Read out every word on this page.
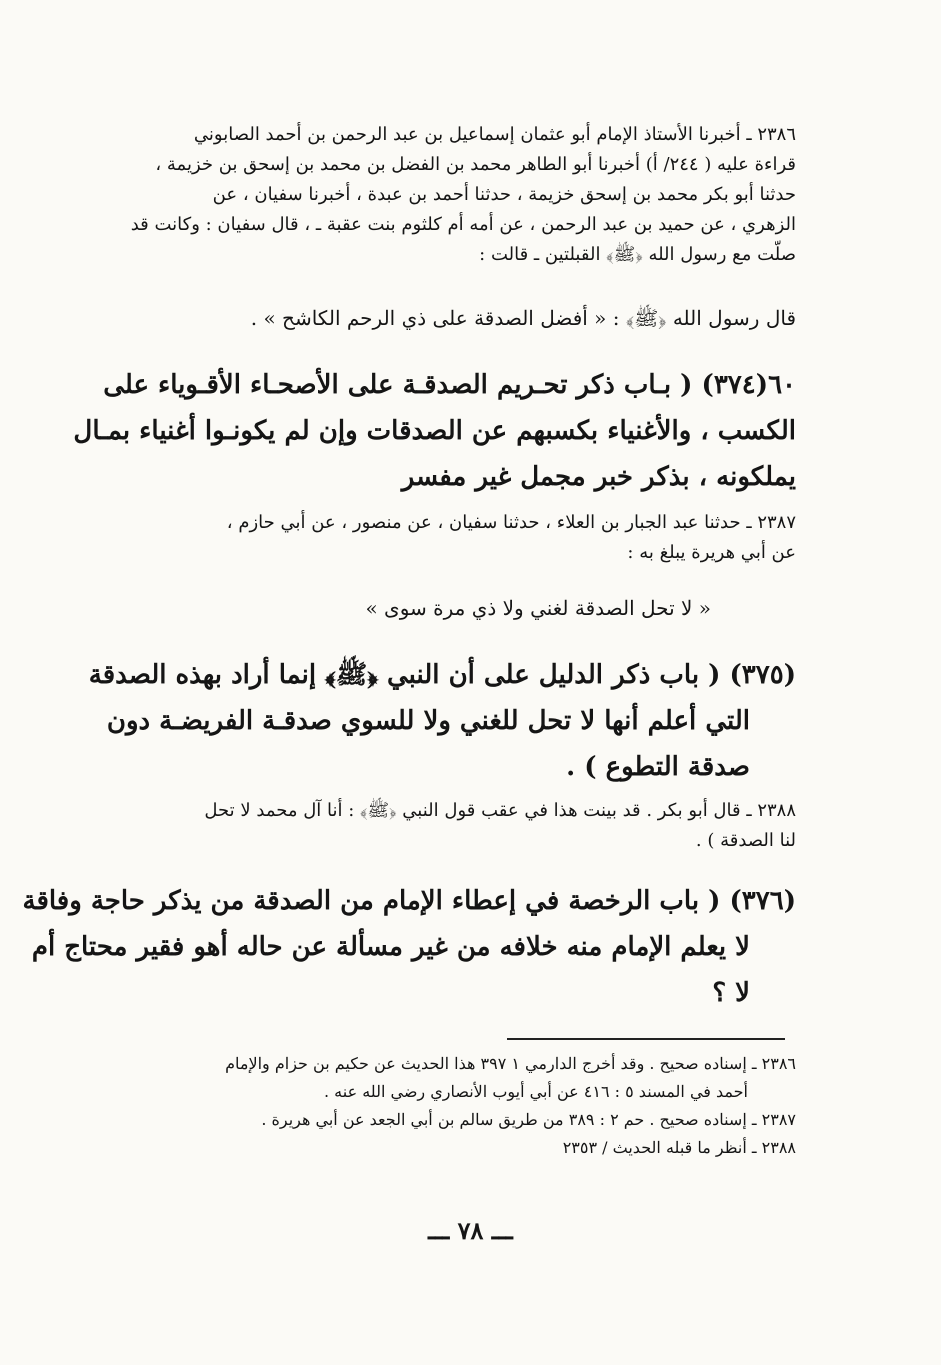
٢٣٨٦ ـ أخبرنا الأستاذ الإمام أبو عثمان إسماعيل بن عبد الرحمن بن أحمد الصابوني
قراءة عليه ( ٢٤٤/ أ) أخبرنا أبو الطاهر محمد بن الفضل بن محمد بن إسحق بن خزيمة ،
حدثنا أبو بكر محمد بن إسحق خزيمة ، حدثنا أحمد بن عبدة ، أخبرنا سفيان ، عن
الزهري ، عن حميد بن عبد الرحمن ، عن أمه أم كلثوم بنت عقبة ـ ، قال سفيان : وكانت قد
صلّت مع رسول الله ﴿ﷺ﴾ القبلتين ـ قالت :
قال رسول الله ﴿ﷺ﴾ : « أفضل الصدقة على ذي الرحم الكاشح » .
٦٠(٣٧٤) ( بـاب ذكر تحـريم الصدقـة على الأصحـاء الأقـوياء على
الكسب ، والأغنياء بكسبهم عن الصدقات وإن لم يكونـوا أغنياء بمـال
يملكونه ، بذكر خبر مجمل غير مفسر
٢٣٨٧ ـ حدثنا عبد الجبار بن العلاء ، حدثنا سفيان ، عن منصور ، عن أبي حازم ،
عن أبي هريرة يبلغ به :
« لا تحل الصدقة لغني ولا ذي مرة سوى »
(٣٧٥) ( باب ذكر الدليل على أن النبي ﴿ﷺ﴾ إنما أراد بهذه الصدقة
التي أعلم أنها لا تحل للغني ولا للسوي صدقـة الفريضـة دون
صدقة التطوع ) .
٢٣٨٨ ـ قال أبو بكر . قد بينت هذا في عقب قول النبي ﴿ﷺ﴾ : أنا آل محمد لا تحل
لنا الصدقة ) .
(٣٧٦) ( باب الرخصة في إعطاء الإمام من الصدقة من يذكر حاجة وفاقة
لا يعلم الإمام منه خلافه من غير مسألة عن حاله أهو فقير محتاج أم
لا ؟
٢٣٨٦ ـ إسناده صحيح . وقد أخرج الدارمي ١ ٣٩٧ هذا الحديث عن حكيم بن حزام والإمام
أحمد في المسند ٥ : ٤١٦ عن أبي أيوب الأنصاري رضي الله عنه .
٢٣٨٧ ـ إسناده صحيح . حم ٢ : ٣٨٩ من طريق سالم بن أبي الجعد عن أبي هريرة .
٢٣٨٨ ـ أنظر ما قبله الحديث / ٢٣٥٣
ـــ ٧٨ ـــ
